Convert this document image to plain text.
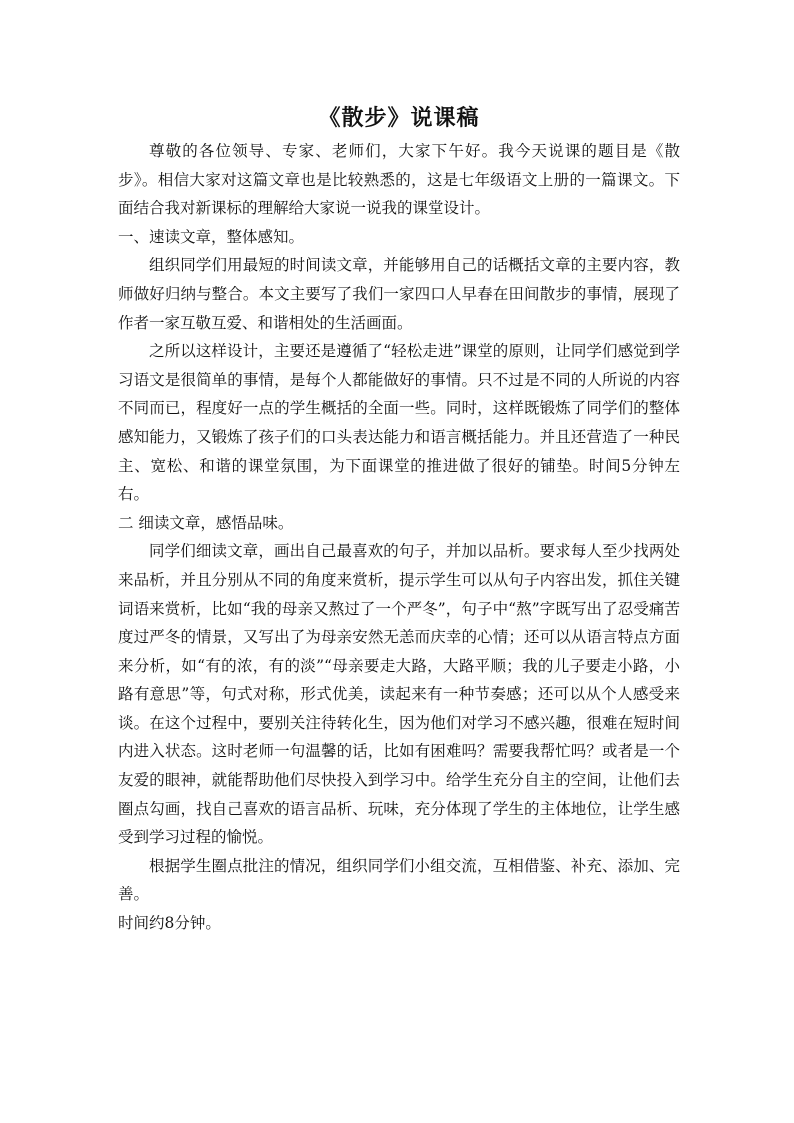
《散步》说课稿

尊敬的各位领导、专家、老师们，大家下午好。我今天说课的题目是《散步》。相信大家对这篇文章也是比较熟悉的，这是七年级语文上册的一篇课文。下面结合我对新课标的理解给大家说一说我的课堂设计。

一、速读文章，整体感知。

组织同学们用最短的时间读文章，并能够用自己的话概括文章的主要内容，教师做好归纳与整合。本文主要写了我们一家四口人早春在田间散步的事情，展现了作者一家互敬互爱、和谐相处的生活画面。

之所以这样设计，主要还是遵循了“轻松走进”课堂的原则，让同学们感觉到学习语文是很简单的事情，是每个人都能做好的事情。只不过是不同的人所说的内容不同而已，程度好一点的学生概括的全面一些。同时，这样既锻炼了同学们的整体感知能力，又锻炼了孩子们的口头表达能力和语言概括能力。并且还营造了一种民主、宽松、和谐的课堂氛围，为下面课堂的推进做了很好的铺垫。时间5分钟左右。

二 细读文章，感悟品味。

同学们细读文章，画出自己最喜欢的句子，并加以品析。要求每人至少找两处来品析，并且分别从不同的角度来赏析，提示学生可以从句子内容出发，抓住关键词语来赏析，比如“我的母亲又熬过了一个严冬”，句子中“熬”字既写出了忍受痛苦度过严冬的情景，又写出了为母亲安然无恙而庆幸的心情；还可以从语言特点方面来分析，如“有的浓，有的淡”“母亲要走大路，大路平顺；我的儿子要走小路，小路有意思”等，句式对称，形式优美，读起来有一种节奏感；还可以从个人感受来谈。在这个过程中，要别关注待转化生，因为他们对学习不感兴趣，很难在短时间内进入状态。这时老师一句温馨的话，比如有困难吗？需要我帮忙吗？或者是一个友爱的眼神，就能帮助他们尽快投入到学习中。给学生充分自主的空间，让他们去圈点勾画，找自己喜欢的语言品析、玩味，充分体现了学生的主体地位，让学生感受到学习过程的愉悦。

根据学生圈点批注的情况，组织同学们小组交流，互相借鉴、补充、添加、完善。

时间约8分钟。
